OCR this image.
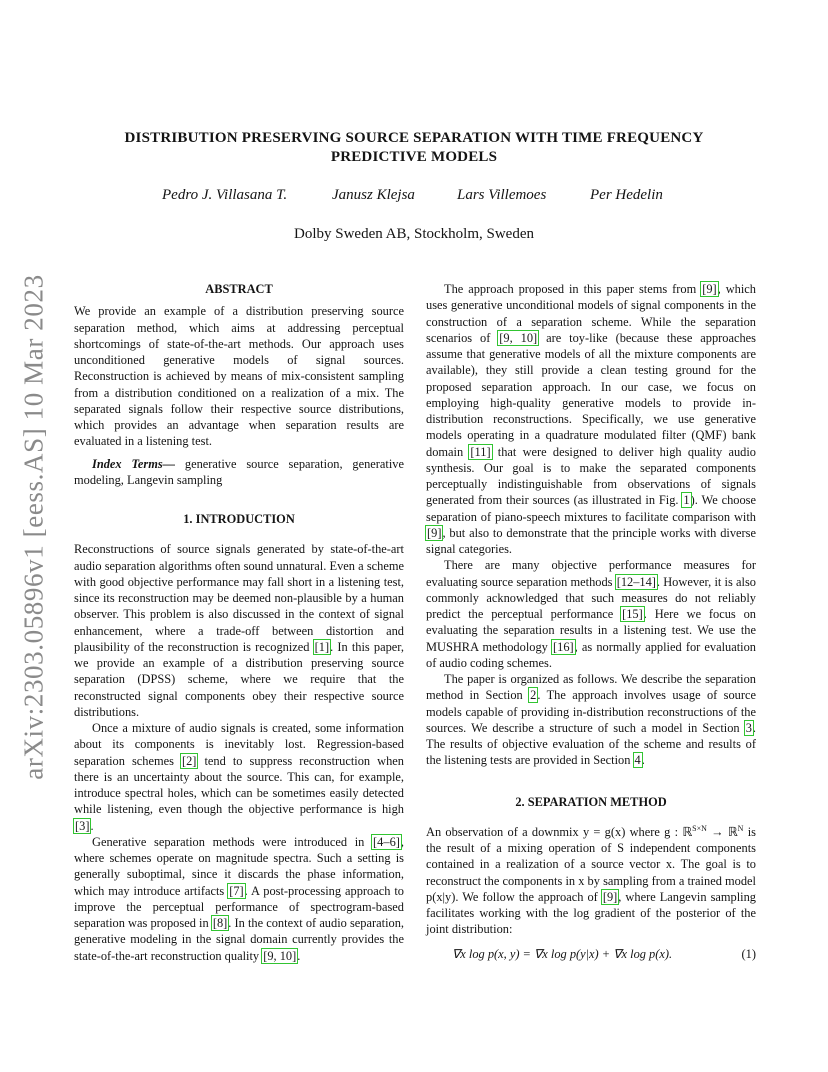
arXiv:2303.05896v1 [eess.AS] 10 Mar 2023
DISTRIBUTION PRESERVING SOURCE SEPARATION WITH TIME FREQUENCY PREDICTIVE MODELS
Pedro J. Villasana T.	Janusz Klejsa	Lars Villemoes	Per Hedelin
Dolby Sweden AB, Stockholm, Sweden

ABSTRACT

We provide an example of a distribution preserving source separation method, which aims at addressing perceptual shortcomings of state-of-the-art methods. Our approach uses unconditioned generative models of signal sources. Reconstruction is achieved by means of mix-consistent sampling from a distribution conditioned on a realization of a mix. The separated signals follow their respective source distributions, which provides an advantage when separation results are evaluated in a listening test.

Index Terms— generative source separation, generative modeling, Langevin sampling

1. INTRODUCTION

Reconstructions of source signals generated by state-of-the-art audio separation algorithms often sound unnatural. Even a scheme with good objective performance may fall short in a listening test, since its reconstruction may be deemed non-plausible by a human observer. This problem is also discussed in the context of signal enhancement, where a trade-off between distortion and plausibility of the reconstruction is recognized [1]. In this paper, we provide an example of a distribution preserving source separation (DPSS) scheme, where we require that the reconstructed signal components obey their respective source distributions.

Once a mixture of audio signals is created, some information about its components is inevitably lost. Regression-based separation schemes [2] tend to suppress reconstruction when there is an uncertainty about the source. This can, for example, introduce spectral holes, which can be sometimes easily detected while listening, even though the objective performance is high [3].

Generative separation methods were introduced in [4–6], where schemes operate on magnitude spectra. Such a setting is generally suboptimal, since it discards the phase information, which may introduce artifacts [7]. A post-processing approach to improve the perceptual performance of spectrogram-based separation was proposed in [8]. In the context of audio separation, generative modeling in the signal domain currently provides the state-of-the-art reconstruction quality [9, 10].

The approach proposed in this paper stems from [9], which uses generative unconditional models of signal components in the construction of a separation scheme. While the separation scenarios of [9, 10] are toy-like (because these approaches assume that generative models of all the mixture components are available), they still provide a clean testing ground for the proposed separation approach. In our case, we focus on employing high-quality generative models to provide in-distribution reconstructions. Specifically, we use generative models operating in a quadrature modulated filter (QMF) bank domain [11] that were designed to deliver high quality audio synthesis. Our goal is to make the separated components perceptually indistinguishable from observations of signals generated from their sources (as illustrated in Fig. 1). We choose separation of piano-speech mixtures to facilitate comparison with [9], but also to demonstrate that the principle works with diverse signal categories.

There are many objective performance measures for evaluating source separation methods [12–14]. However, it is also commonly acknowledged that such measures do not reliably predict the perceptual performance [15]. Here we focus on evaluating the separation results in a listening test. We use the MUSHRA methodology [16], as normally applied for evaluation of audio coding schemes.

The paper is organized as follows. We describe the separation method in Section 2. The approach involves usage of source models capable of providing in-distribution reconstructions of the sources. We describe a structure of such a model in Section 3. The results of objective evaluation of the scheme and results of the listening tests are provided in Section 4.

2. SEPARATION METHOD

An observation of a downmix y = g(x) where g : ℝ$^{S\times N}$ → ℝ$^N$ is the result of a mixing operation of S independent components contained in a realization of a source vector x. The goal is to reconstruct the components in x by sampling from a trained model p(x|y). We follow the approach of [9], where Langevin sampling facilitates working with the log gradient of the posterior of the joint distribution:

∇x log p(x, y) = ∇x log p(y|x) + ∇x log p(x).	(1)
